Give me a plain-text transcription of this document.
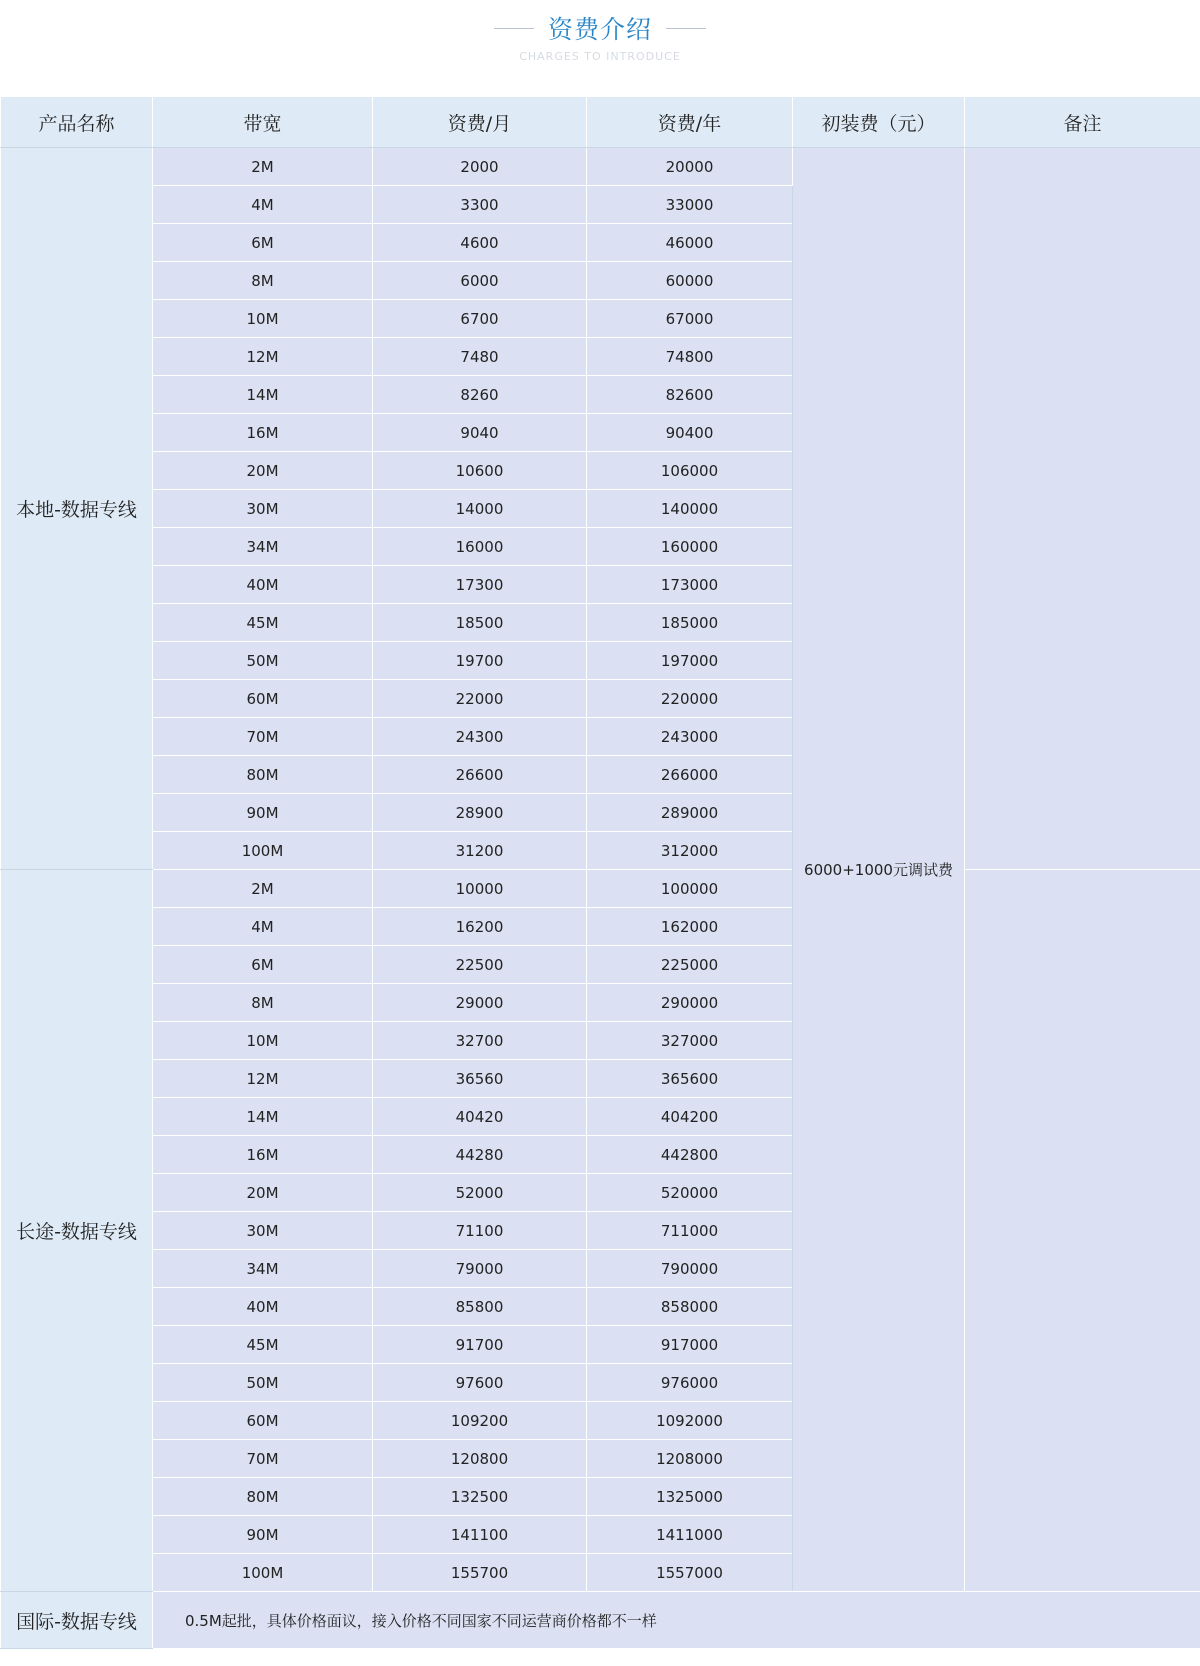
资费介绍
CHARGES TO INTRODUCE
产品名称	带宽	资费/月	资费/年	初装费（元）	备注
本地-数据专线	2M	2000	20000	6000+1000元调试费	
	4M	3300	33000		
	6M	4600	46000		
	8M	6000	60000		
	10M	6700	67000		
	12M	7480	74800		
	14M	8260	82600		
	16M	9040	90400		
	20M	10600	106000		
	30M	14000	140000		
	34M	16000	160000		
	40M	17300	173000		
	45M	18500	185000		
	50M	19700	197000		
	60M	22000	220000		
	70M	24300	243000		
	80M	26600	266000		
	90M	28900	289000		
	100M	31200	312000		
长途-数据专线	2M	10000	100000		
	4M	16200	162000		
	6M	22500	225000		
	8M	29000	290000		
	10M	32700	327000		
	12M	36560	365600		
	14M	40420	404200		
	16M	44280	442800		
	20M	52000	520000		
	30M	71100	711000		
	34M	79000	790000		
	40M	85800	858000		
	45M	91700	917000		
	50M	97600	976000		
	60M	109200	1092000		
	70M	120800	1208000		
	80M	132500	1325000		
	90M	141100	1411000		
	100M	155700	1557000		
国际-数据专线	0.5M起批，具体价格面议，接入价格不同国家不同运营商价格都不一样				
